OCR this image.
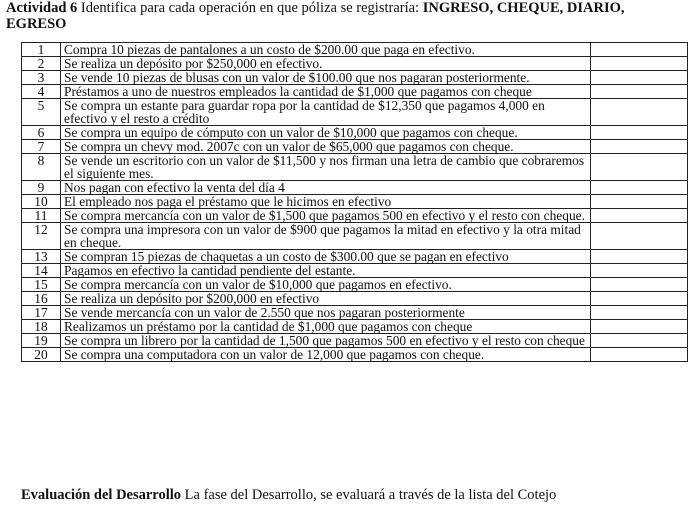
Actividad 6 Identifica para cada operación en que póliza se registraría: INGRESO, CHEQUE, DIARIO, EGRESO
1	Compra 10 piezas de pantalones a un costo de $200.00 que paga en efectivo.	
2	Se realiza un depósito por $250,000 en efectivo.	
3	Se vende 10 piezas de blusas con un valor de $100.00 que nos pagaran posteriormente.	
4	Préstamos a uno de nuestros empleados la cantidad de $1,000 que pagamos con cheque	
5	Se compra un estante para guardar ropa por la cantidad de $12,350 que pagamos 4,000 en efectivo y el resto a crédito	
6	Se compra un equipo de cómputo con un valor de $10,000 que pagamos con cheque.	
7	Se compra un chevy mod. 2007c con un valor de $65,000 que pagamos con cheque.	
8	Se vende un escritorio con un valor de $11,500 y nos firman una letra de cambio que cobraremos el siguiente mes.	
9	Nos pagan con efectivo la venta del día 4	
10	El empleado nos paga el préstamo que le hicimos en efectivo	
11	Se compra mercancía con un valor de $1,500 que pagamos 500 en efectivo y el resto con cheque.	
12	Se compra una impresora con un valor de $900 que pagamos la mitad en efectivo y la otra mitad en cheque.	
13	Se compran 15 piezas de chaquetas a un costo de $300.00 que se pagan en efectivo	
14	Pagamos en efectivo la cantidad pendiente del estante.	
15	Se compra mercancía con un valor de $10,000 que pagamos en efectivo.	
16	Se realiza un depósito por $200,000 en efectivo	
17	Se vende mercancía con un valor de 2.550 que nos pagaran posteriormente	
18	Realizamos un préstamo por la cantidad de $1,000 que pagamos con cheque	
19	Se compra un librero por la cantidad de 1,500 que pagamos 500 en efectivo y el resto con cheque	
20	Se compra una computadora con un valor de 12,000 que pagamos con cheque.	
Evaluación del Desarrollo La fase del Desarrollo, se evaluará a través de la lista del Cotejo
